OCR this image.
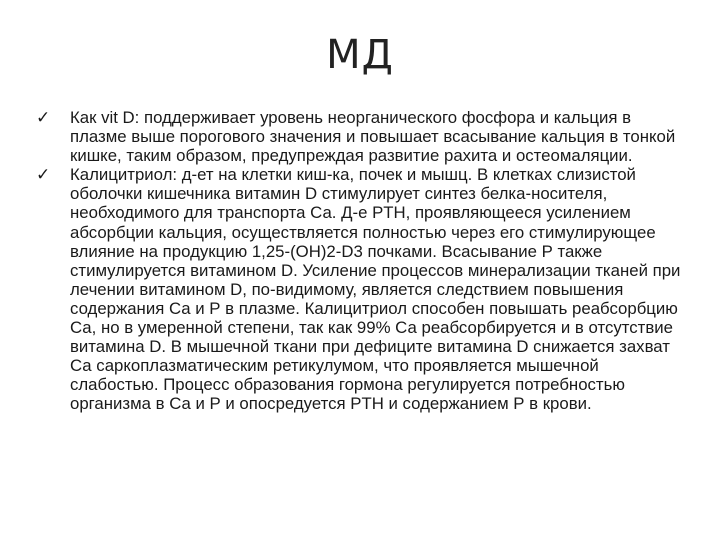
МД
✓	Как vit D: поддерживает уровень неорганического фосфора и кальция в плазме выше порогового значения и повышает всасывание кальция в тонкой кишке, таким образом, предупреждая развитие рахита и остеомаляции.
✓	Калицитриол: д-ет на клетки киш-ка, почек и мышц. В клетках слизистой оболочки кишечника витамин D стимулирует синтез белка-носителя, необходимого для транспорта Са. Д-е PTH, проявляющееся усилением абсорбции кальция, осуществляется полностью через его стимулирующее влияние на продукцию 1,25-(OH)2-D3 почками. Всасывание Р также стимулируется витамином D. Усиление процессов минерализации тканей при лечении витамином D, по-видимому, является следствием повышения содержания Са и Р в плазме. Калицитриол способен повышать реабсорбцию Са, но в умеренной степени, так как 99% Са реабсорбируется и в отсутствие витамина D. В мышечной ткани при дефиците витамина D снижается захват Са саркоплазматическим ретикулумом, что проявляется мышечной слабостью. Процесс образования гормона регулируется потребностью организма в Са и Р и опосредуется PTH и содержанием Р в крови.
